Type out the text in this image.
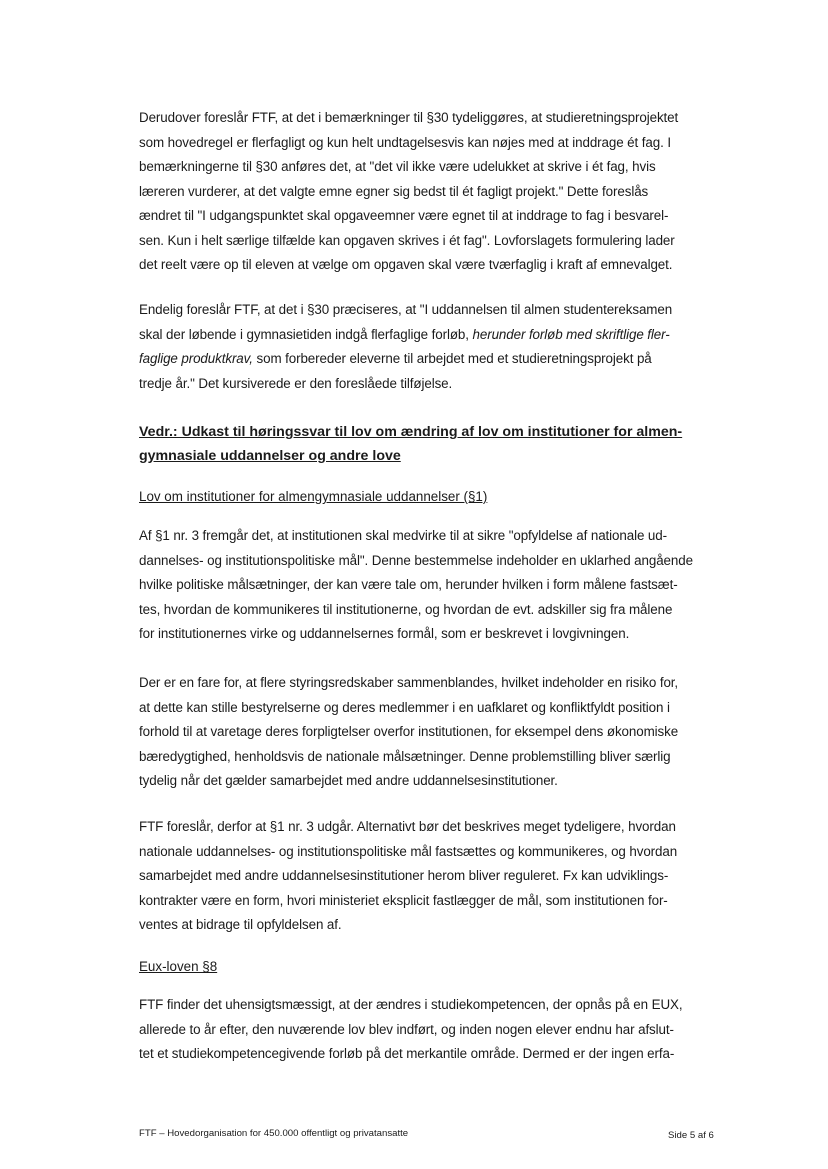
Derudover foreslår FTF, at det i bemærkninger til §30 tydeliggøres, at studieretningsprojektet
som hovedregel er flerfagligt og kun helt undtagelsesvis kan nøjes med at inddrage ét fag. I
bemærkningerne til §30 anføres det, at "det vil ikke være udelukket at skrive i ét fag, hvis
læreren vurderer, at det valgte emne egner sig bedst til ét fagligt projekt." Dette foreslås
ændret til "I udgangspunktet skal opgaveemner være egnet til at inddrage to fag i besvarel-
sen. Kun i helt særlige tilfælde kan opgaven skrives i ét fag". Lovforslagets formulering lader
det reelt være op til eleven at vælge om opgaven skal være tværfaglig i kraft af emnevalget.
Endelig foreslår FTF, at det i §30 præciseres, at "I uddannelsen til almen studentereksamen
skal der løbende i gymnasietiden indgå flerfaglige forløb, herunder forløb med skriftlige fler-
faglige produktkrav, som forbereder eleverne til arbejdet med et studieretningsprojekt på
tredje år." Det kursiverede er den foreslåede tilføjelse.
Vedr.: Udkast til høringssvar til lov om ændring af lov om institutioner for almen-
gymnasiale uddannelser og andre love
Lov om institutioner for almengymnasiale uddannelser (§1)
Af §1 nr. 3 fremgår det, at institutionen skal medvirke til at sikre "opfyldelse af nationale ud-
dannelses- og institutionspolitiske mål". Denne bestemmelse indeholder en uklarhed angående
hvilke politiske målsætninger, der kan være tale om, herunder hvilken i form målene fastsæt-
tes, hvordan de kommunikeres til institutionerne, og hvordan de evt. adskiller sig fra målene
for institutionernes virke og uddannelsernes formål, som er beskrevet i lovgivningen.
Der er en fare for, at flere styringsredskaber sammenblandes, hvilket indeholder en risiko for,
at dette kan stille bestyrelserne og deres medlemmer i en uafklaret og konfliktfyldt position i
forhold til at varetage deres forpligtelser overfor institutionen, for eksempel dens økonomiske
bæredygtighed, henholdsvis de nationale målsætninger. Denne problemstilling bliver særlig
tydelig når det gælder samarbejdet med andre uddannelsesinstitutioner.
FTF foreslår, derfor at §1 nr. 3 udgår. Alternativt bør det beskrives meget tydeligere, hvordan
nationale uddannelses- og institutionspolitiske mål fastsættes og kommunikeres, og hvordan
samarbejdet med andre uddannelsesinstitutioner herom bliver reguleret. Fx kan udviklings-
kontrakter være en form, hvori ministeriet eksplicit fastlægger de mål, som institutionen for-
ventes at bidrage til opfyldelsen af.
Eux-loven §8
FTF finder det uhensigtsmæssigt, at der ændres i studiekompetencen, der opnås på en EUX,
allerede to år efter, den nuværende lov blev indført, og inden nogen elever endnu har afslut-
tet et studiekompetencegivende forløb på det merkantile område. Dermed er der ingen erfa-
FTF – Hovedorganisation for 450.000 offentligt og privatansatte	Side 5 af 6
